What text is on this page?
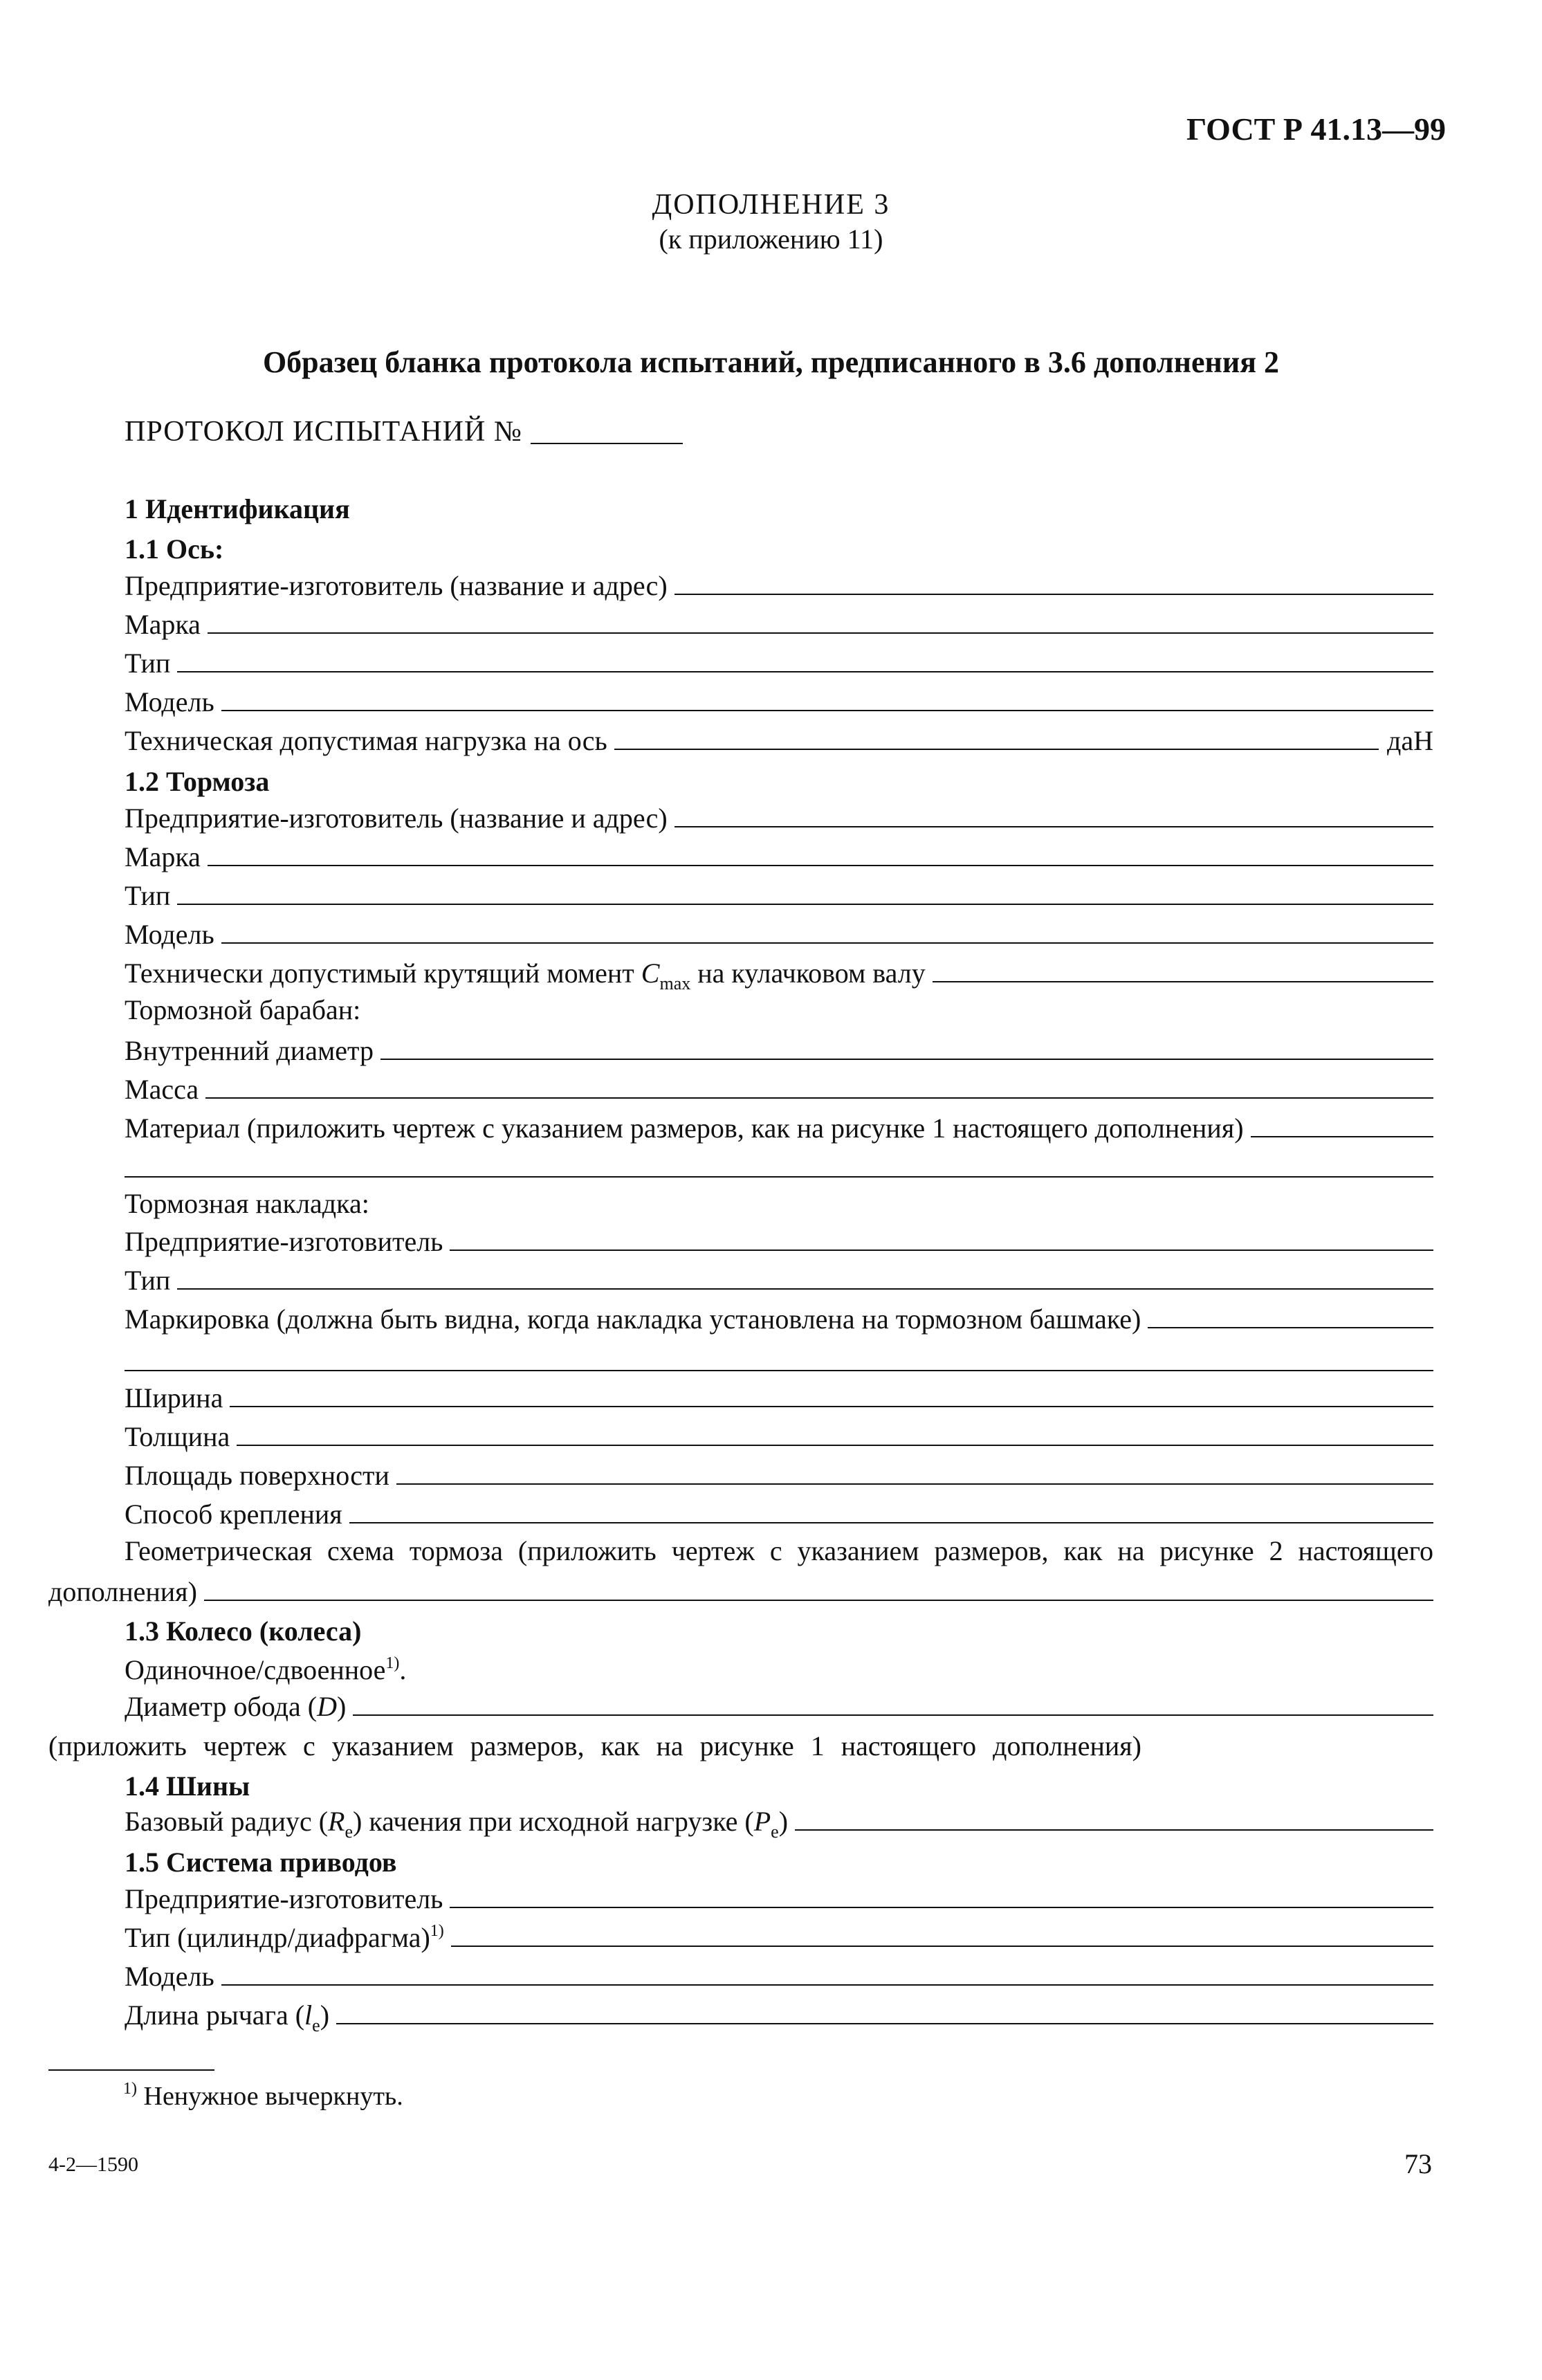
ГОСТ Р 41.13—99
ДОПОЛНЕНИЕ 3
(к приложению 11)
Образец бланка протокола испытаний, предписанного в 3.6 дополнения 2
ПРОТОКОЛ ИСПЫТАНИЙ №
1 Идентификация
1.1 Ось:
Предприятие-изготовитель (название и адрес)
Марка
Тип
Модель
Техническая допустимая нагрузка на ось	даН
1.2 Тормоза
Предприятие-изготовитель (название и адрес)
Марка
Тип
Модель
Технически допустимый крутящий момент $C_{max}$ на кулачковом валу
Тормозной барабан:
Внутренний диаметр
Масса
Материал (приложить чертеж с указанием размеров, как на рисунке 1 настоящего дополнения)
Тормозная накладка:
Предприятие-изготовитель
Тип
Маркировка (должна быть видна, когда накладка установлена на тормозном башмаке)
Ширина
Толщина
Площадь поверхности
Способ крепления
Геометрическая схема тормоза (приложить чертеж с указанием размеров, как на рисунке 2 настоящего
дополнения)
1.3 Колесо (колеса)
Одиночное/сдвоенное$^{1)}$.
Диаметр обода (D)
(приложить чертеж с указанием размеров, как на рисунке 1 настоящего дополнения)
1.4 Шины
Базовый радиус $(R_e)$ качения при исходной нагрузке $(P_e)$
1.5 Система приводов
Предприятие-изготовитель
Тип (цилиндр/диафрагма)$^{1)}$
Модель
Длина рычага $(l_e)$
$^{1)}$ Ненужное вычеркнуть.
4-2—1590	73
